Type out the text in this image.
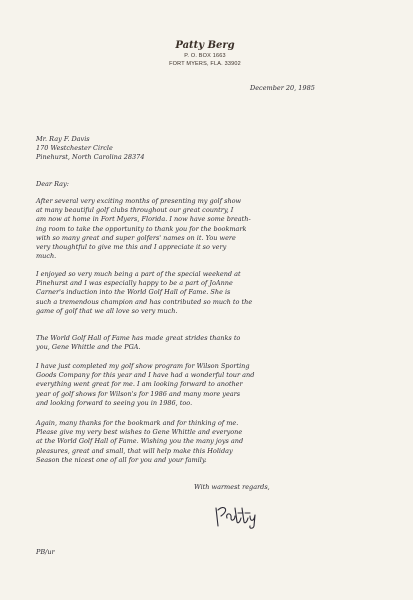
Patty Berg
P. O. BOX 1663
FORT MYERS, FLA. 33902
December 20, 1985
Mr. Ray F. Davis
170 Westchester Circle
Pinehurst, North Carolina 28374
Dear Ray:
After several very exciting months of presenting my golf show
at many beautiful golf clubs throughout our great country, I
am now at home in Fort Myers, Florida. I now have some breath-
ing room to take the opportunity to thank you for the bookmark
with so many great and super golfers' names on it. You were
very thoughtful to give me this and I appreciate it so very
much.
I enjoyed so very much being a part of the special weekend at
Pinehurst and I was especially happy to be a part of JoAnne
Carner's induction into the World Golf Hall of Fame. She is
such a tremendous champion and has contributed so much to the
game of golf that we all love so very much.
The World Golf Hall of Fame has made great strides thanks to
you, Gene Whittle and the PGA.
I have just completed my golf show program for Wilson Sporting
Goods Company for this year and I have had a wonderful tour and
everything went great for me. I am looking forward to another
year of golf shows for Wilson's for 1986 and many more years
and looking forward to seeing you in 1986, too.
Again, many thanks for the bookmark and for thinking of me.
Please give my very best wishes to Gene Whittle and everyone
at the World Golf Hall of Fame. Wishing you the many joys and
pleasures, great and small, that will help make this Holiday
Season the nicest one of all for you and your family.
With warmest regards,
PB/ur
